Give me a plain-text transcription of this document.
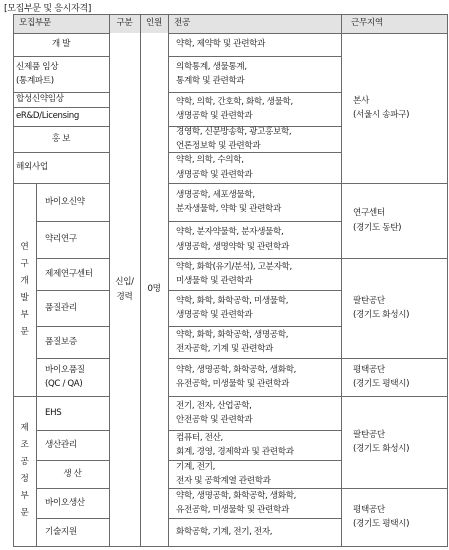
[모집부문 및 응시자격]
모집부문	구분 인원 전공	근무지역
개 발
신제품 임상
(통계파트)
합성신약임상
eR&D/Licensing
홍 보
해외사업
바이오신약
약리연구
제제연구센터
품질관리
품질보증
바이오품질
(QC / QA)
EHS
생산관리
생 산
바이오생산
기술지원
연
구
개
발
부
문
제
조
공
정
부
문
신입/
경력
0명
약학, 제약학 및 관련학과
의학통계, 생물통계,
통계학 및 관련학과
약학, 의학, 간호학, 화학, 생물학,
생명공학 및 관련학과
경영학, 신문방송학, 광고홍보학,
언론정보학 및 관련학과
약학, 의학, 수의학,
생명공학 및 관련학과
생명공학, 세포생물학,
분자생물학, 약학 및 관련학과
약학, 분자약물학, 분자생물학,
생명공학, 생명약학 및 관련학과
약학, 화학(유기/분석), 고분자학,
미생물학 및 관련학과
약학, 화학, 화학공학, 미생물학,
생명공학 및 관련학과
약학, 화학, 화학공학, 생명공학,
전자공학, 기계 및 관련학과
약학, 생명공학, 화학공학, 생화학,
유전공학, 미생물학 및 관련학과
전기, 전자, 산업공학,
안전공학 및 관련학과
컴퓨터, 전산,
회계, 경영, 경제학과 및 관련학과
기계, 전기,
전자 및 공학계열 관련학과
약학, 생명공학, 화학공학, 생화학,
유전공학, 미생물학 및 관련학과
화학공학, 기계, 전기, 전자,
본사
(서울시 송파구)
연구센터
(경기도 동탄)
팔탄공단
(경기도 화성시)
평택공단
(경기도 평택시)
팔탄공단
(경기도 화성시)
평택공단
(경기도 평택시)
